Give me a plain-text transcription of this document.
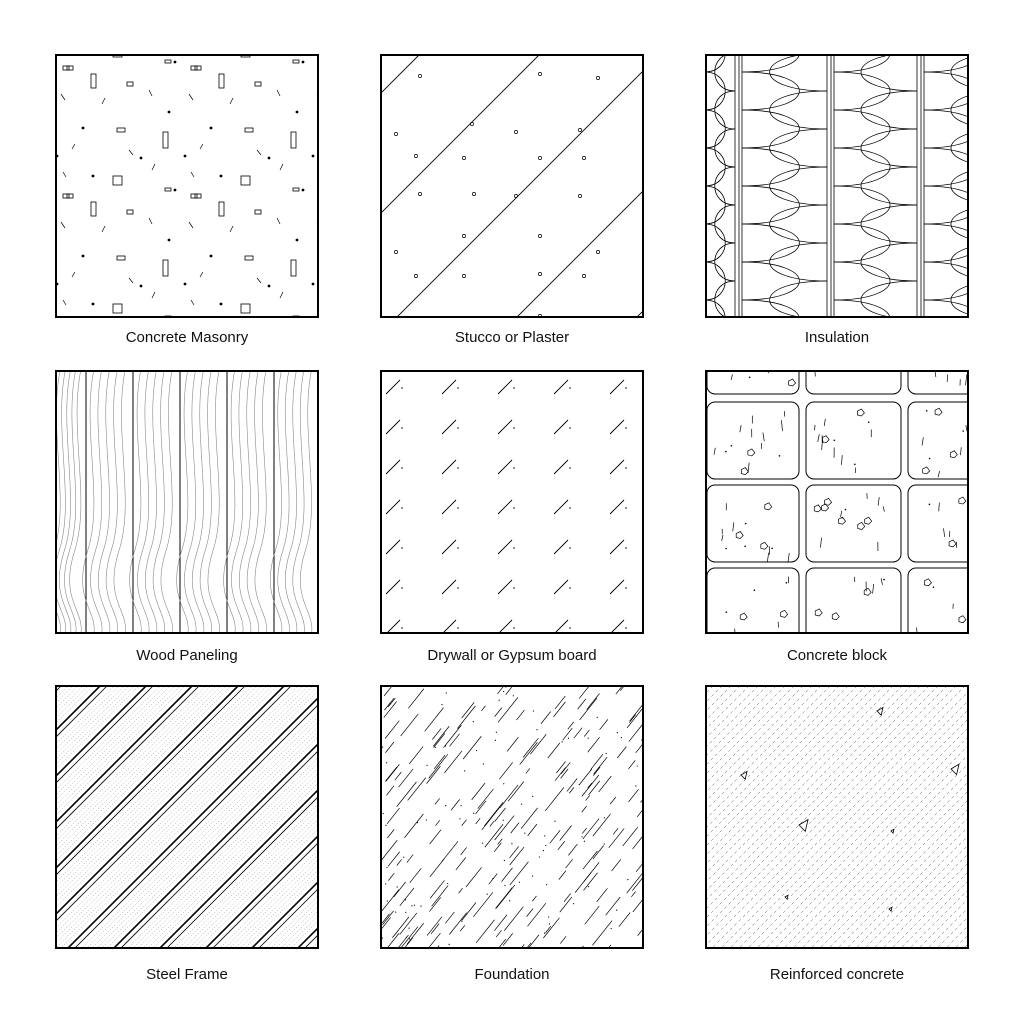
Concrete Masonry	Stucco or Plaster	Insulation
Wood Paneling	Drywall or Gypsum board	Concrete block
Steel Frame	Foundation	Reinforced concrete
